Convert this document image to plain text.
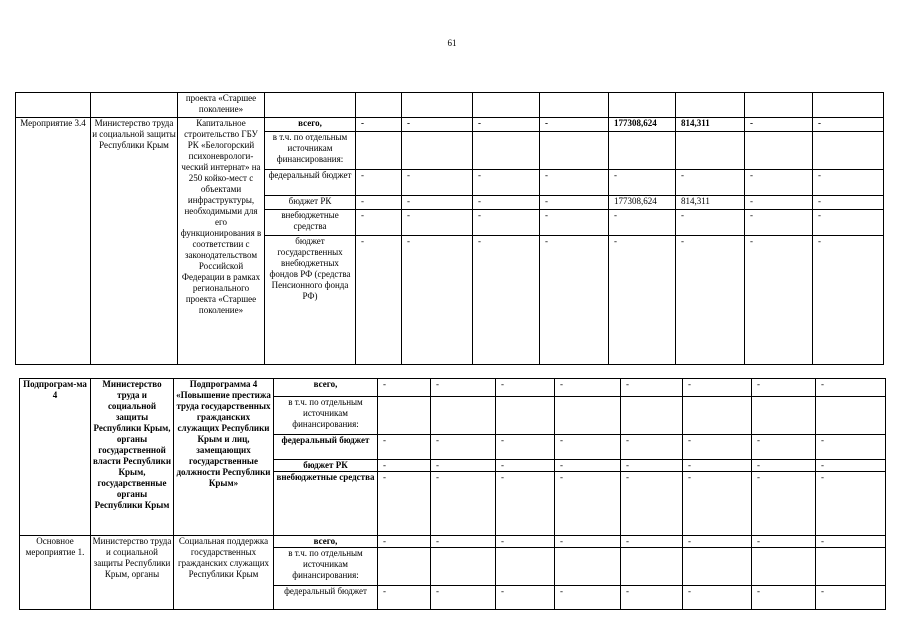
61
		проекта «Старшее поколение»									
Мероприятие 3.4	Министерство труда и социальной защиты Республики Крым	Капитальное строительство ГБУ РК «Белогорский психоневрологи-ческий интернат» на 250 койко-мест с объектами инфраструктуры, необходимыми для его функционирования в соответствии с законодательством Российской Федерации в рамках регионального проекта «Старшее поколение»	всего,	-	-	-	-	177308,624	814,311	-	-
			в т.ч. по отдельным источникам финансирования:								
			федеральный бюджет	-	-	-	-	-	-	-	-
			бюджет РК	-	-	-	-	177308,624	814,311	-	-
			внебюджетные средства	-	-	-	-	-	-	-	-
			бюджет государственных внебюджетных фондов РФ (средства Пенсионного фонда РФ)	-	-	-	-	-	-	-	-
Подпрограм-ма 4	Министерство труда и социальной защиты Республики Крым, органы государственной власти Республики Крым, государственные органы Республики Крым	Подпрограмма 4 «Повышение престижа труда государственных гражданских служащих Республики Крым и лиц, замещающих государственные должности Республики Крым»	всего,	-	-	-	-	-	-	-	-
			в т.ч. по отдельным источникам финансирования:								
			федеральный бюджет	-	-	-	-	-	-	-	-
			бюджет РК	-	-	-	-	-	-	-	-
			внебюджетные средства	-	-	-	-	-	-	-	-
Основное мероприятие 1.	Министерство труда и социальной защиты Республики Крым, органы	Социальная поддержка государственных гражданских служащих Республики Крым	всего,	-	-	-	-	-	-	-	-
			в т.ч. по отдельным источникам финансирования:								
			федеральный бюджет	-	-	-	-	-	-	-	-
